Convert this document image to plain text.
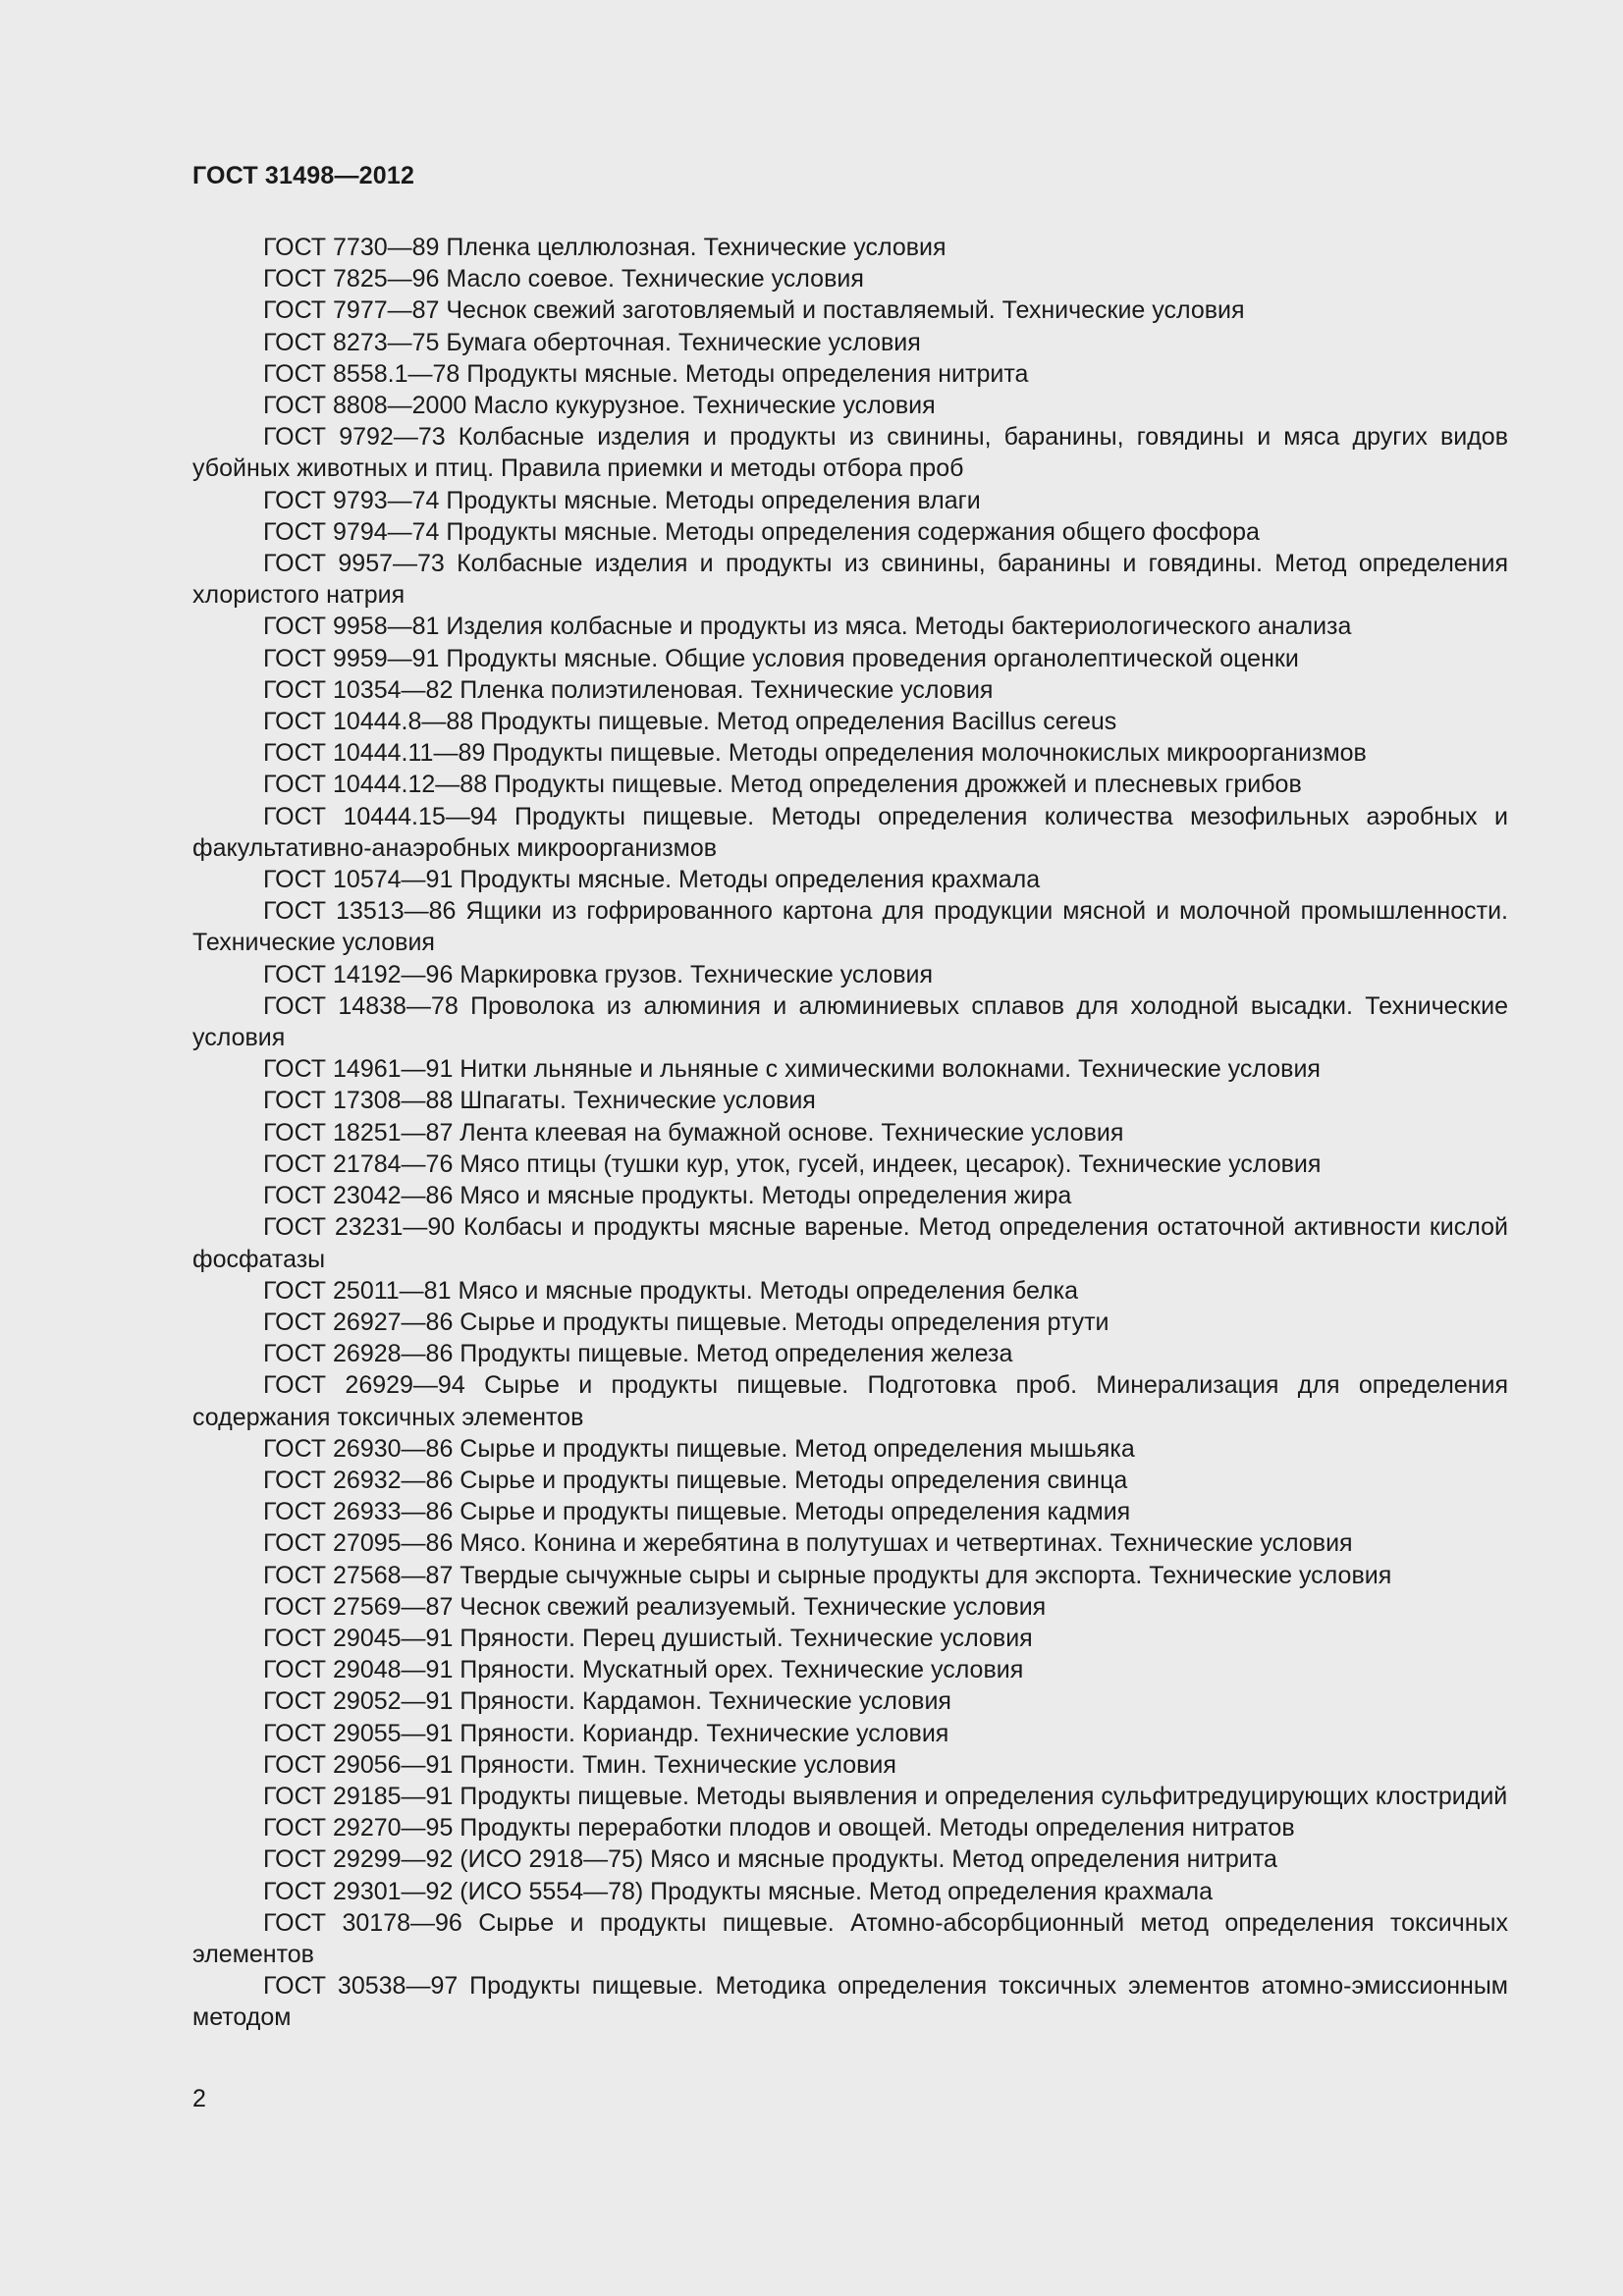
ГОСТ 31498—2012
ГОСТ 7730—89 Пленка целлюлозная. Технические условия
ГОСТ 7825—96 Масло соевое. Технические условия
ГОСТ 7977—87 Чеснок свежий заготовляемый и поставляемый. Технические условия
ГОСТ 8273—75 Бумага оберточная. Технические условия
ГОСТ 8558.1—78 Продукты мясные. Методы определения нитрита
ГОСТ 8808—2000 Масло кукурузное. Технические условия
ГОСТ 9792—73 Колбасные изделия и продукты из свинины, баранины, говядины и мяса других видов убойных животных и птиц. Правила приемки и методы отбора проб
ГОСТ 9793—74 Продукты мясные. Методы определения влаги
ГОСТ 9794—74 Продукты мясные. Методы определения содержания общего фосфора
ГОСТ 9957—73 Колбасные изделия и продукты из свинины, баранины и говядины. Метод определения хлористого натрия
ГОСТ 9958—81 Изделия колбасные и продукты из мяса. Методы бактериологического анализа
ГОСТ 9959—91 Продукты мясные. Общие условия проведения органолептической оценки
ГОСТ 10354—82 Пленка полиэтиленовая. Технические условия
ГОСТ 10444.8—88 Продукты пищевые. Метод определения Bacillus cereus
ГОСТ 10444.11—89 Продукты пищевые. Методы определения молочнокислых микроорганизмов
ГОСТ 10444.12—88 Продукты пищевые. Метод определения дрожжей и плесневых грибов
ГОСТ 10444.15—94 Продукты пищевые. Методы определения количества мезофильных аэробных и факультативно-анаэробных микроорганизмов
ГОСТ 10574—91 Продукты мясные. Методы определения крахмала
ГОСТ 13513—86 Ящики из гофрированного картона для продукции мясной и молочной промышленности. Технические условия
ГОСТ 14192—96 Маркировка грузов. Технические условия
ГОСТ 14838—78 Проволока из алюминия и алюминиевых сплавов для холодной высадки. Технические условия
ГОСТ 14961—91 Нитки льняные и льняные с химическими волокнами. Технические условия
ГОСТ 17308—88 Шпагаты. Технические условия
ГОСТ 18251—87 Лента клеевая на бумажной основе. Технические условия
ГОСТ 21784—76 Мясо птицы (тушки кур, уток, гусей, индеек, цесарок). Технические условия
ГОСТ 23042—86 Мясо и мясные продукты. Методы определения жира
ГОСТ 23231—90 Колбасы и продукты мясные вареные. Метод определения остаточной активности кислой фосфатазы
ГОСТ 25011—81 Мясо и мясные продукты. Методы определения белка
ГОСТ 26927—86 Сырье и продукты пищевые. Методы определения ртути
ГОСТ 26928—86 Продукты пищевые. Метод определения железа
ГОСТ 26929—94 Сырье и продукты пищевые. Подготовка проб. Минерализация для определения содержания токсичных элементов
ГОСТ 26930—86 Сырье и продукты пищевые. Метод определения мышьяка
ГОСТ 26932—86 Сырье и продукты пищевые. Методы определения свинца
ГОСТ 26933—86 Сырье и продукты пищевые. Методы определения кадмия
ГОСТ 27095—86 Мясо. Конина и жеребятина в полутушах и четвертинах. Технические условия
ГОСТ 27568—87 Твердые сычужные сыры и сырные продукты для экспорта. Технические условия
ГОСТ 27569—87 Чеснок свежий реализуемый. Технические условия
ГОСТ 29045—91 Пряности. Перец душистый. Технические условия
ГОСТ 29048—91 Пряности. Мускатный орех. Технические условия
ГОСТ 29052—91 Пряности. Кардамон. Технические условия
ГОСТ 29055—91 Пряности. Кориандр. Технические условия
ГОСТ 29056—91 Пряности. Тмин. Технические условия
ГОСТ 29185—91 Продукты пищевые. Методы выявления и определения сульфитредуцирующих клостридий
ГОСТ 29270—95 Продукты переработки плодов и овощей. Методы определения нитратов
ГОСТ 29299—92 (ИСО 2918—75) Мясо и мясные продукты. Метод определения нитрита
ГОСТ 29301—92 (ИСО 5554—78) Продукты мясные. Метод определения крахмала
ГОСТ 30178—96 Сырье и продукты пищевые. Атомно-абсорбционный метод определения токсичных элементов
ГОСТ 30538—97 Продукты пищевые. Методика определения токсичных элементов атомно-эмиссионным методом
2
